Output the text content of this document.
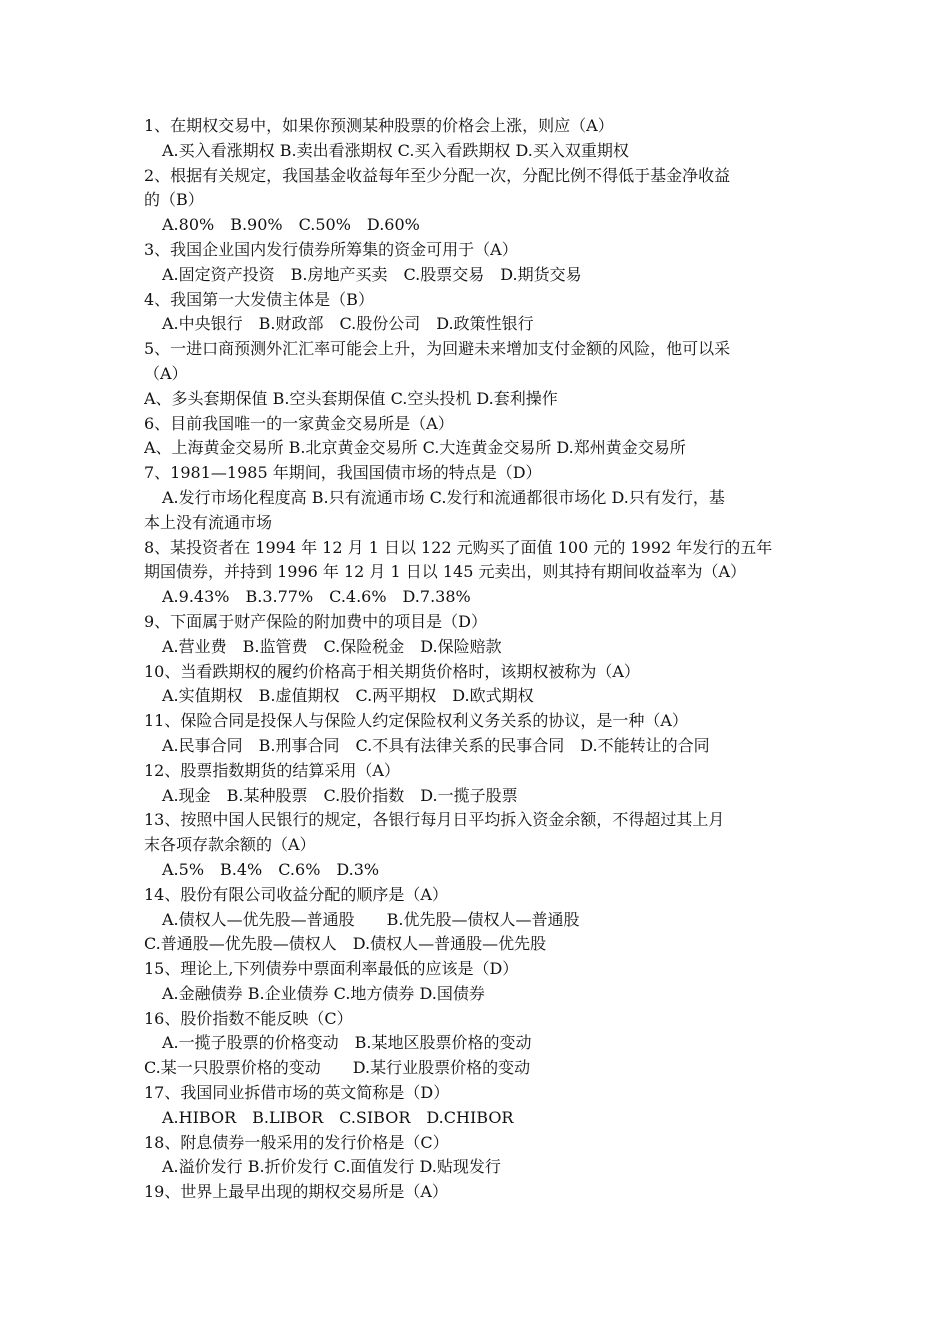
1、在期权交易中，如果你预测某种股票的价格会上涨，则应（A）
A.买入看涨期权 B.卖出看涨期权 C.买入看跌期权 D.买入双重期权
2、根据有关规定，我国基金收益每年至少分配一次，分配比例不得低于基金净收益
的（B）
A.80%　B.90%　C.50%　D.60%
3、我国企业国内发行债券所筹集的资金可用于（A）
A.固定资产投资　B.房地产买卖　C.股票交易　D.期货交易
4、我国第一大发债主体是（B）
A.中央银行　B.财政部　C.股份公司　D.政策性银行
5、一进口商预测外汇汇率可能会上升，为回避未来增加支付金额的风险，他可以采
（A）
A、多头套期保值 B.空头套期保值 C.空头投机 D.套利操作
6、目前我国唯一的一家黄金交易所是（A）
A、上海黄金交易所 B.北京黄金交易所 C.大连黄金交易所 D.郑州黄金交易所
7、1981—1985 年期间，我国国债市场的特点是（D）
A.发行市场化程度高 B.只有流通市场 C.发行和流通都很市场化 D.只有发行，基
本上没有流通市场
8、某投资者在 1994 年 12 月 1 日以 122 元购买了面值 100 元的 1992 年发行的五年
期国债券，并持到 1996 年 12 月 1 日以 145 元卖出，则其持有期间收益率为（A）
A.9.43%　B.3.77%　C.4.6%　D.7.38%
9、下面属于财产保险的附加费中的项目是（D）
A.营业费　B.监管费　C.保险税金　D.保险赔款
10、当看跌期权的履约价格高于相关期货价格时，该期权被称为（A）
A.实值期权　B.虚值期权　C.两平期权　D.欧式期权
11、保险合同是投保人与保险人约定保险权利义务关系的协议，是一种（A）
A.民事合同　B.刑事合同　C.不具有法律关系的民事合同　D.不能转让的合同
12、股票指数期货的结算采用（A）
A.现金　B.某种股票　C.股价指数　D.一揽子股票
13、按照中国人民银行的规定，各银行每月日平均拆入资金余额，不得超过其上月
末各项存款余额的（A）
A.5%　B.4%　C.6%　D.3%
14、股份有限公司收益分配的顺序是（A）
A.债权人—优先股—普通股　　B.优先股—债权人—普通股
C.普通股—优先股—债权人　D.债权人—普通股—优先股
15、理论上,下列债券中票面利率最低的应该是（D）
A.金融债券 B.企业债券 C.地方债券 D.国债券
16、股价指数不能反映（C）
A.一揽子股票的价格变动　B.某地区股票价格的变动
C.某一只股票价格的变动　　D.某行业股票价格的变动
17、我国同业拆借市场的英文简称是（D）
A.HIBOR　B.LIBOR　C.SIBOR　D.CHIBOR
18、附息债券一般采用的发行价格是（C）
A.溢价发行 B.折价发行 C.面值发行 D.贴现发行
19、世界上最早出现的期权交易所是（A）
